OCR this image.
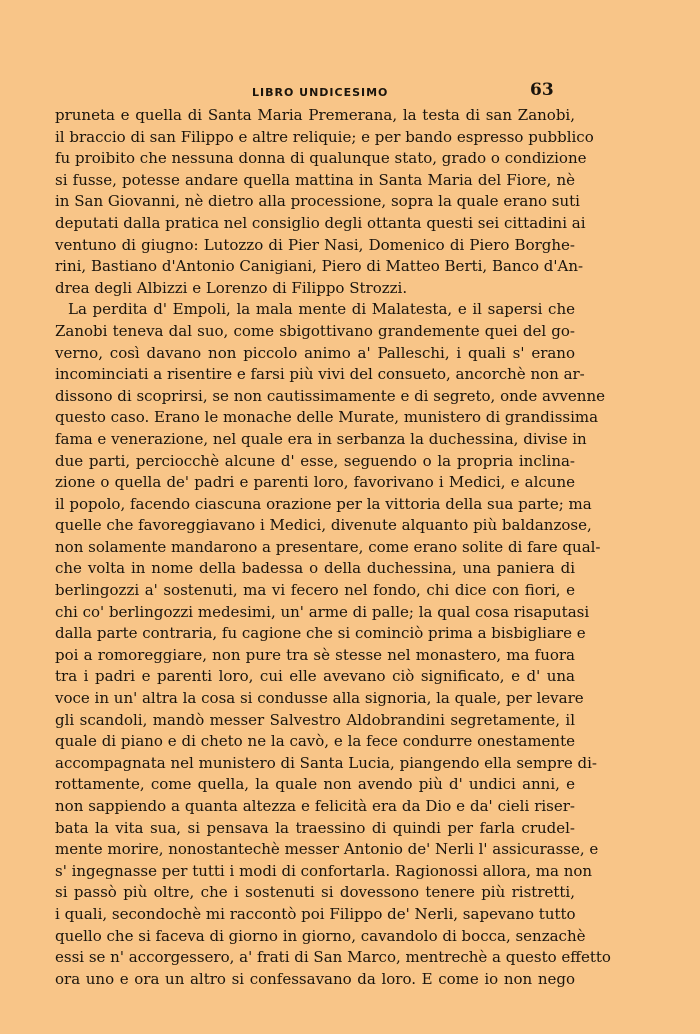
LIBRO UNDICESIMO	63
pruneta e quella di Santa Maria Premerana, la testa di san Zanobi,
il braccio di san Filippo e altre reliquie; e per bando espresso pubblico
fu proibito che nessuna donna di qualunque stato, grado o condizione
si fusse, potesse andare quella mattina in Santa Maria del Fiore, nè
in San Giovanni, nè dietro alla processione, sopra la quale erano suti
deputati dalla pratica nel consiglio degli ottanta questi sei cittadini ai
ventuno di giugno: Lutozzo di Pier Nasi, Domenico di Piero Borghe-
rini, Bastiano d'Antonio Canigiani, Piero di Matteo Berti, Banco d'An-
drea degli Albizzi e Lorenzo di Filippo Strozzi.
La perdita d' Empoli, la mala mente di Malatesta, e il sapersi che
Zanobi teneva dal suo, come sbigottivano grandemente quei del go-
verno, così davano non piccolo animo a' Palleschi, i quali s' erano
incominciati a risentire e farsi più vivi del consueto, ancorchè non ar-
dissono di scoprirsi, se non cautissimamente e di segreto, onde avvenne
questo caso. Erano le monache delle Murate, munistero di grandissima
fama e venerazione, nel quale era in serbanza la duchessina, divise in
due parti, perciocchè alcune d' esse, seguendo o la propria inclina-
zione o quella de' padri e parenti loro, favorivano i Medici, e alcune
il popolo, facendo ciascuna orazione per la vittoria della sua parte; ma
quelle che favoreggiavano i Medici, divenute alquanto più baldanzose,
non solamente mandarono a presentare, come erano solite di fare qual-
che volta in nome della badessa o della duchessina, una paniera di
berlingozzi a' sostenuti, ma vi fecero nel fondo, chi dice con fiori, e
chi co' berlingozzi medesimi, un' arme di palle; la qual cosa risaputasi
dalla parte contraria, fu cagione che si cominciò prima a bisbigliare e
poi a romoreggiare, non pure tra sè stesse nel monastero, ma fuora
tra i padri e parenti loro, cui elle avevano ciò significato, e d' una
voce in un' altra la cosa si condusse alla signoria, la quale, per levare
gli scandoli, mandò messer Salvestro Aldobrandini segretamente, il
quale di piano e di cheto ne la cavò, e la fece condurre onestamente
accompagnata nel munistero di Santa Lucia, piangendo ella sempre di-
rottamente, come quella, la quale non avendo più d' undici anni, e
non sappiendo a quanta altezza e felicità era da Dio e da' cieli riser-
bata la vita sua, si pensava la traessino di quindi per farla crudel-
mente morire, nonostantechè messer Antonio de' Nerli l' assicurasse, e
s' ingegnasse per tutti i modi di confortarla. Ragionossi allora, ma non
si passò più oltre, che i sostenuti si dovessono tenere più ristretti,
i quali, secondochè mi raccontò poi Filippo de' Nerli, sapevano tutto
quello che si faceva di giorno in giorno, cavandolo di bocca, senzachè
essi se n' accorgessero, a' frati di San Marco, mentrechè a questo effetto
ora uno e ora un altro si confessavano da loro. E come io non nego
